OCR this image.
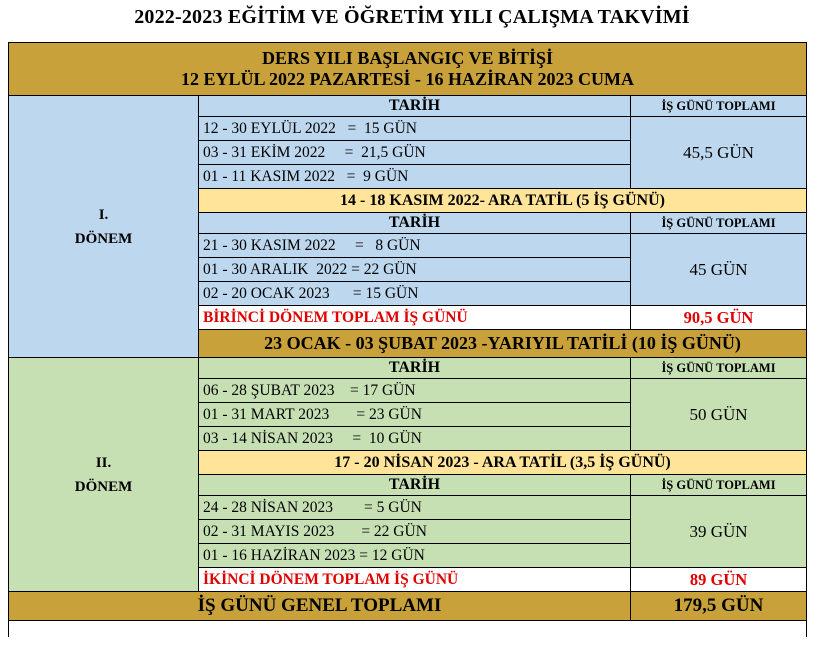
2022-2023 EĞİTİM VE ÖĞRETİM YILI ÇALIŞMA TAKVİMİ
DERS YILI BAŞLANGIÇ VE BİTİŞİ
12 EYLÜL 2022 PAZARTESİ - 16 HAZİRAN 2023 CUMA		

I.
DÖNEM	TARİH	İŞ GÜNÜ TOPLAMI
	12 - 30 EYLÜL 2022   =  15 GÜN	45,5 GÜN
	03 - 31 EKİM 2022     =  21,5 GÜN	
	01 - 11 KASIM 2022   =  9 GÜN	
	14 - 18 KASIM 2022- ARA TATİL (5 İŞ GÜNÜ)	
	TARİH	İŞ GÜNÜ TOPLAMI
	21 - 30 KASIM 2022     =   8 GÜN	45 GÜN
	01 - 30 ARALIK  2022 = 22 GÜN	
	02 - 20 OCAK 2023      = 15 GÜN	
	BİRİNCİ DÖNEM TOPLAM İŞ GÜNÜ	90,5 GÜN
	23 OCAK - 03 ŞUBAT 2023 -YARIYIL TATİLİ (10 İŞ GÜNÜ)	

II.
DÖNEM	TARİH	İŞ GÜNÜ TOPLAMI
	06 - 28 ŞUBAT 2023    = 17 GÜN	50 GÜN
	01 - 31 MART 2023       = 23 GÜN	
	03 - 14 NİSAN 2023     =  10 GÜN	
	17 - 20 NİSAN 2023 - ARA TATİL (3,5 İŞ GÜNÜ)	
	TARİH	İŞ GÜNÜ TOPLAMI
	24 - 28 NİSAN 2023        = 5 GÜN	39 GÜN
	02 - 31 MAYIS 2023       = 22 GÜN	
	01 - 16 HAZİRAN 2023 = 12 GÜN	
	İKİNCİ DÖNEM TOPLAM İŞ GÜNÜ	89 GÜN
İŞ GÜNÜ GENEL TOPLAMI		179,5 GÜN
